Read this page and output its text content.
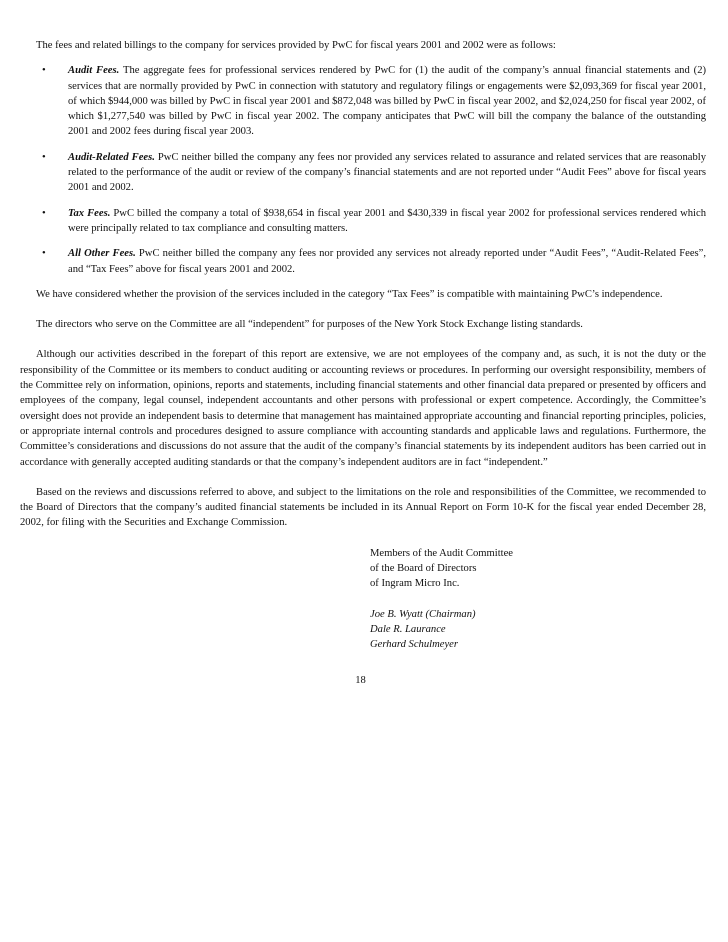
The fees and related billings to the company for services provided by PwC for fiscal years 2001 and 2002 were as follows:

• Audit Fees. The aggregate fees for professional services rendered by PwC for (1) the audit of the company’s annual financial statements and (2) services that are normally provided by PwC in connection with statutory and regulatory filings or engagements were $2,093,369 for fiscal year 2001, of which $944,000 was billed by PwC in fiscal year 2001 and $872,048 was billed by PwC in fiscal year 2002, and $2,024,250 for fiscal year 2002, of which $1,277,540 was billed by PwC in fiscal year 2002. The company anticipates that PwC will bill the company the balance of the outstanding 2001 and 2002 fees during fiscal year 2003.
• Audit-Related Fees. PwC neither billed the company any fees nor provided any services related to assurance and related services that are reasonably related to the performance of the audit or review of the company’s financial statements and are not reported under “Audit Fees” above for fiscal years 2001 and 2002.
• Tax Fees. PwC billed the company a total of $938,654 in fiscal year 2001 and $430,339 in fiscal year 2002 for professional services rendered which were principally related to tax compliance and consulting matters.
• All Other Fees. PwC neither billed the company any fees nor provided any services not already reported under “Audit Fees”, “Audit-Related Fees”, and “Tax Fees” above for fiscal years 2001 and 2002.

We have considered whether the provision of the services included in the category “Tax Fees” is compatible with maintaining PwC’s independence.

The directors who serve on the Committee are all “independent” for purposes of the New York Stock Exchange listing standards.

Although our activities described in the forepart of this report are extensive, we are not employees of the company and, as such, it is not the duty or the responsibility of the Committee or its members to conduct auditing or accounting reviews or procedures. In performing our oversight responsibility, members of the Committee rely on information, opinions, reports and statements, including financial statements and other financial data prepared or presented by officers and employees of the company, legal counsel, independent accountants and other persons with professional or expert competence. Accordingly, the Committee’s oversight does not provide an independent basis to determine that management has maintained appropriate accounting and financial reporting principles, policies, or appropriate internal controls and procedures designed to assure compliance with accounting standards and applicable laws and regulations. Furthermore, the Committee’s considerations and discussions do not assure that the audit of the company’s financial statements by its independent auditors has been carried out in accordance with generally accepted auditing standards or that the company’s independent auditors are in fact “independent.”

Based on the reviews and discussions referred to above, and subject to the limitations on the role and responsibilities of the Committee, we recommended to the Board of Directors that the company’s audited financial statements be included in its Annual Report on Form 10-K for the fiscal year ended December 28, 2002, for filing with the Securities and Exchange Commission.

Members of the Audit Committee
of the Board of Directors
of Ingram Micro Inc.
Joe B. Wyatt (Chairman)
Dale R. Laurance
Gerhard Schulmeyer
18
